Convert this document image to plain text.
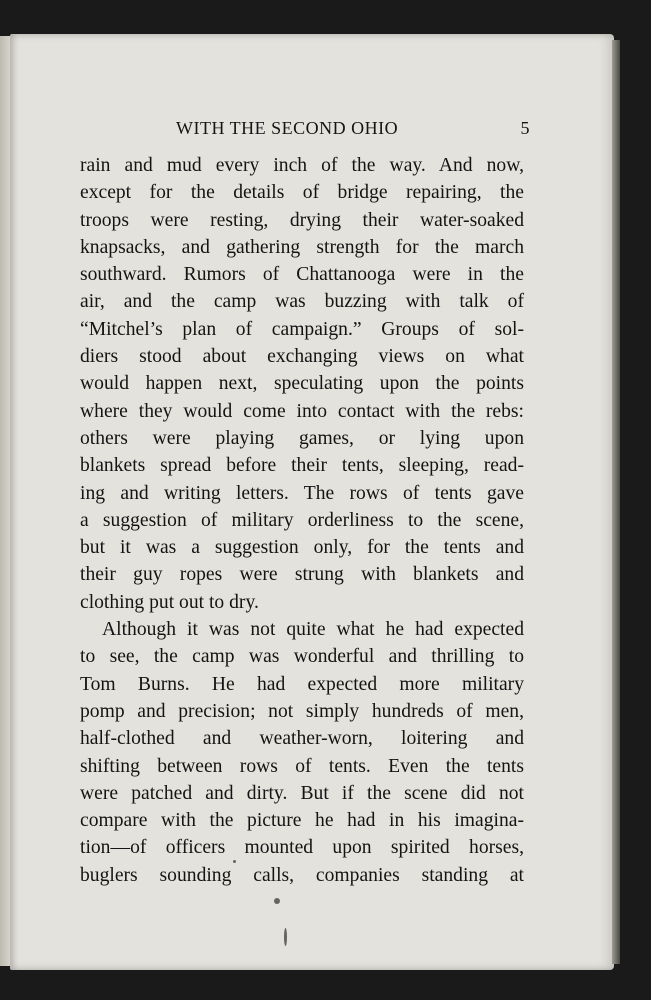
WITH THE SECOND OHIO	5

rain and mud every inch of the way. And now,
except for the details of bridge repairing, the
troops were resting, drying their water-soaked
knapsacks, and gathering strength for the march
southward. Rumors of Chattanooga were in the
air, and the camp was buzzing with talk of
“Mitchel’s plan of campaign.” Groups of sol-
diers stood about exchanging views on what
would happen next, speculating upon the points
where they would come into contact with the rebs:
others were playing games, or lying upon
blankets spread before their tents, sleeping, read-
ing and writing letters. The rows of tents gave
a suggestion of military orderliness to the scene,
but it was a suggestion only, for the tents and
their guy ropes were strung with blankets and
clothing put out to dry.

Although it was not quite what he had expected
to see, the camp was wonderful and thrilling to
Tom Burns. He had expected more military
pomp and precision; not simply hundreds of men,
half-clothed and weather-worn, loitering and
shifting between rows of tents. Even the tents
were patched and dirty. But if the scene did not
compare with the picture he had in his imagina-
tion—of officers mounted upon spirited horses,
buglers sounding calls, companies standing at
